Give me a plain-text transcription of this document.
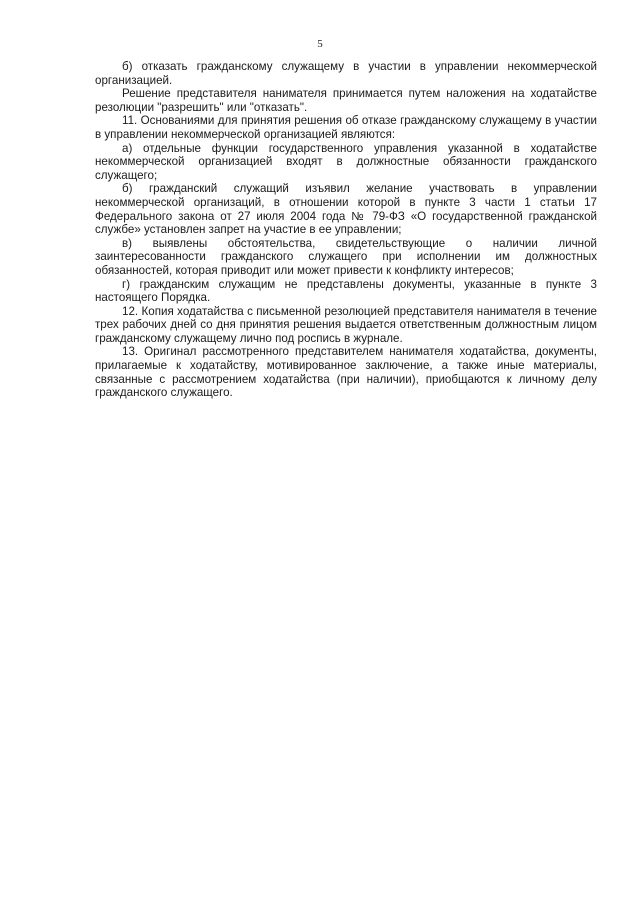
5

б) отказать гражданскому служащему в участии в управлении некоммерческой организацией.

Решение представителя нанимателя принимается путем наложения на ходатайстве резолюции "разрешить" или "отказать".

11. Основаниями для принятия решения об отказе гражданскому служащему в участии в управлении некоммерческой организацией являются:

а) отдельные функции государственного управления указанной в ходатайстве некоммерческой организацией входят в должностные обязанности гражданского служащего;

б) гражданский служащий изъявил желание участвовать в управлении некоммерческой организаций, в отношении которой в пункте 3 части 1 статьи 17 Федерального закона от 27 июля 2004 года № 79-ФЗ «О государственной гражданской службе» установлен запрет на участие в ее управлении;

в) выявлены обстоятельства, свидетельствующие о наличии личной заинтересованности гражданского служащего при исполнении им должностных обязанностей, которая приводит или может привести к конфликту интересов;

г) гражданским служащим не представлены документы, указанные в пункте 3 настоящего Порядка.

12. Копия ходатайства с письменной резолюцией представителя нанимателя в течение трех рабочих дней со дня принятия решения выдается ответственным должностным лицом гражданскому служащему лично под роспись в журнале.

13. Оригинал рассмотренного представителем нанимателя ходатайства, документы, прилагаемые к ходатайству, мотивированное заключение, а также иные материалы, связанные с рассмотрением ходатайства (при наличии), приобщаются к личному делу гражданского служащего.
